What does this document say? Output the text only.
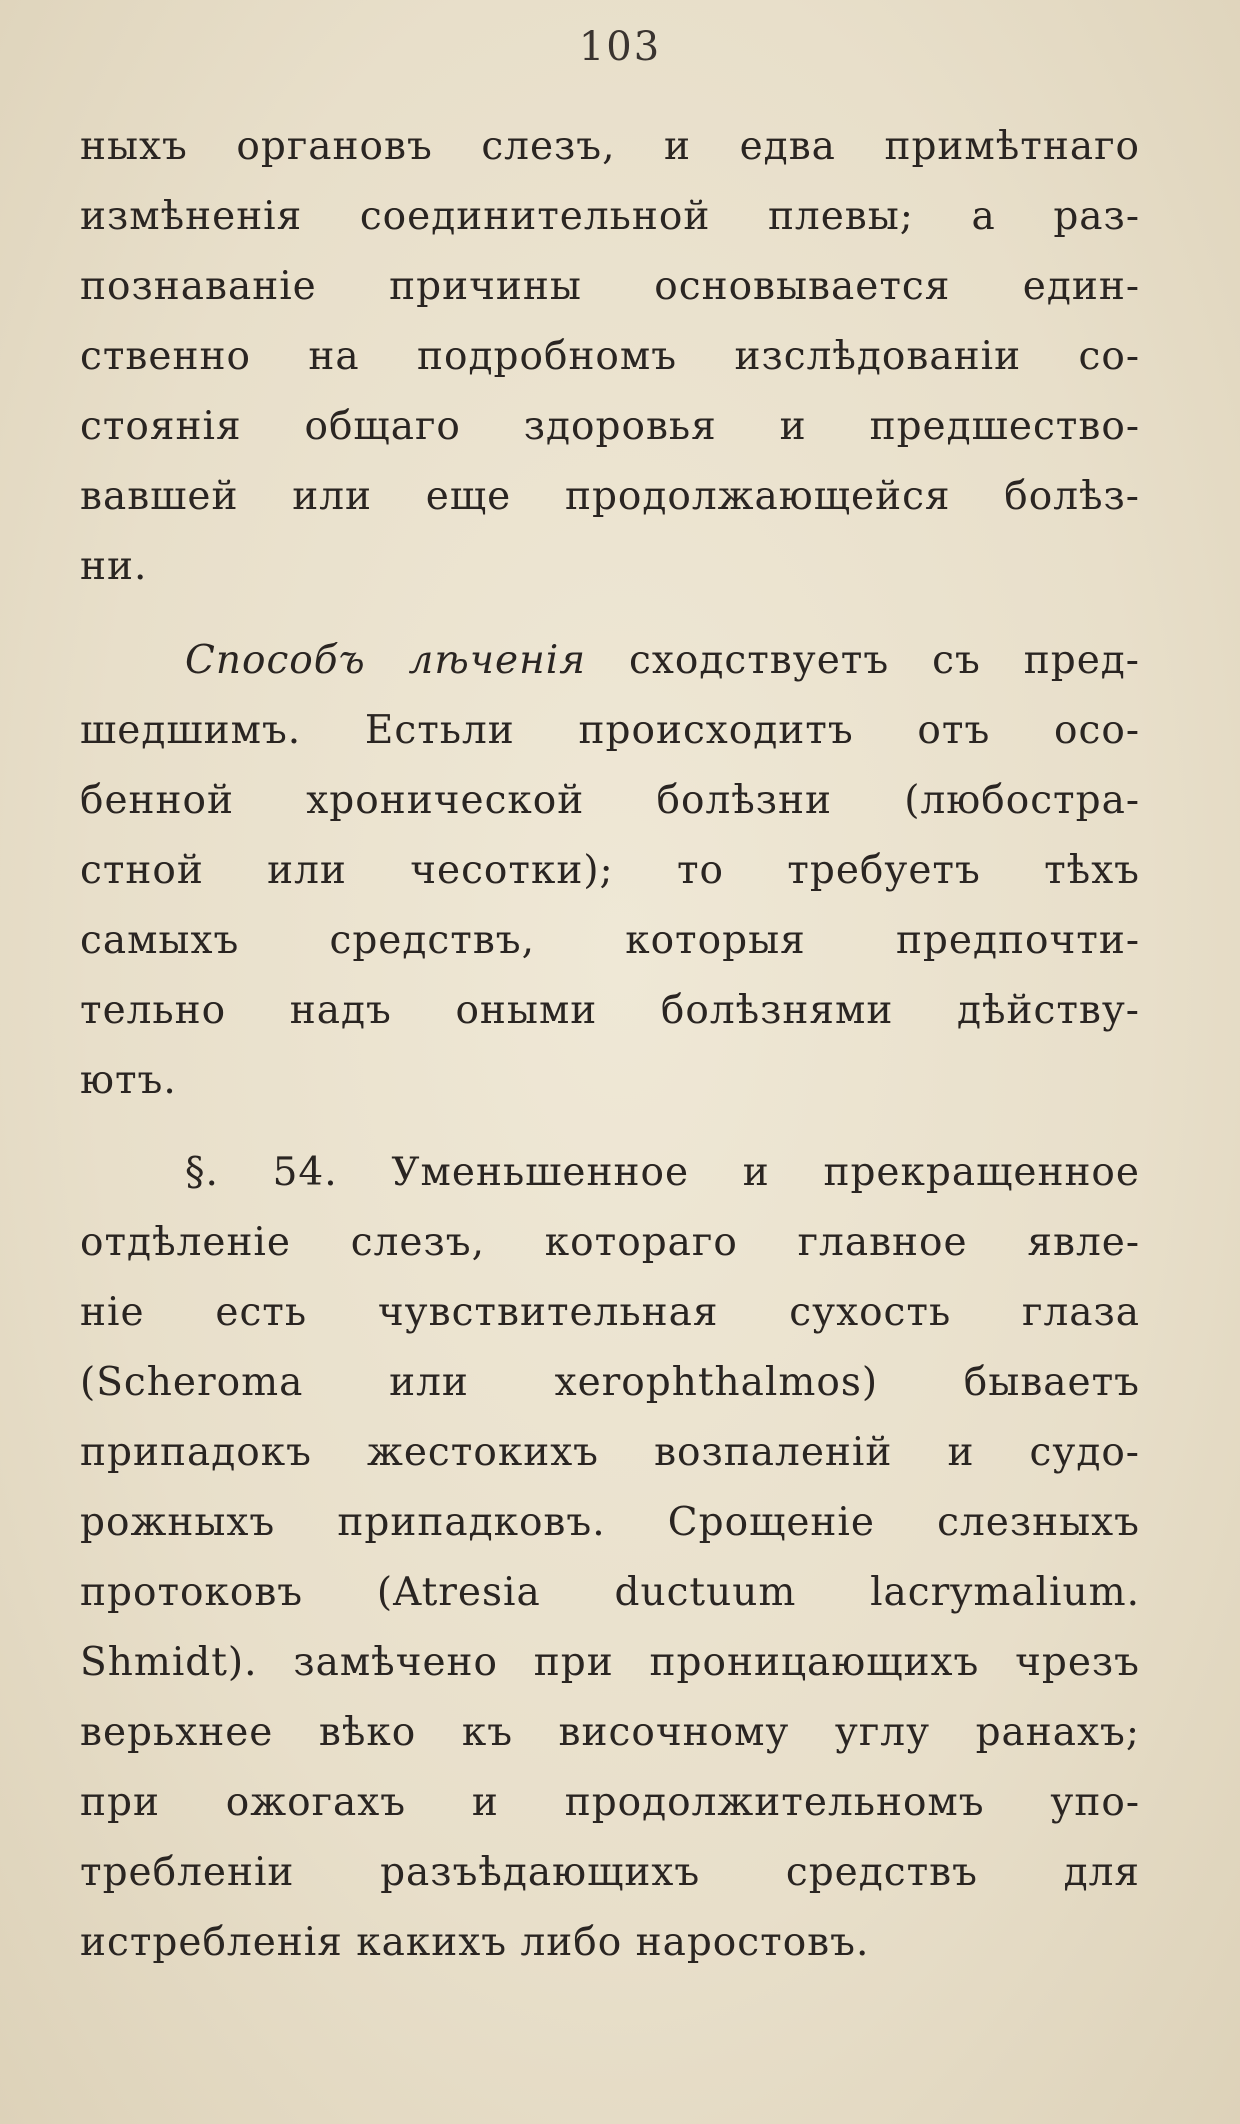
103
ныхъ органовъ слезъ, и едва примѣтнаго
измѣненія соединительной плевы; а раз-
познаваніе причины основывается един-
ственно на подробномъ изслѣдованіи со-
стоянія общаго здоровья и предшество-
вавшей или еще продолжающейся болѣз-
ни.
Способъ лѣченія сходствуетъ съ пред-
шедшимъ. Естьли происходитъ отъ осо-
бенной хронической болѣзни (любостра-
стной или чесотки); то требуетъ тѣхъ
самыхъ средствъ, которыя предпочти-
тельно надъ оными болѣзнями дѣйству-
ютъ.
§. 54. Уменьшенное и прекращенное
отдѣленіе слезъ, котораго главное явле-
ніе есть чувствительная сухость глаза
(Scheroma или xerophthalmos) бываетъ
припадокъ жестокихъ возпаленій и судо-
рожныхъ припадковъ. Срощеніе слезныхъ
протоковъ (Atresia ductuum lacrymalium.
Shmidt). замѣчено при проницающихъ чрезъ
верьхнее вѣко къ височному углу ранахъ;
при ожогахъ и продолжительномъ упо-
требленіи разъѣдающихъ средствъ для
истребленія какихъ либо наростовъ.
